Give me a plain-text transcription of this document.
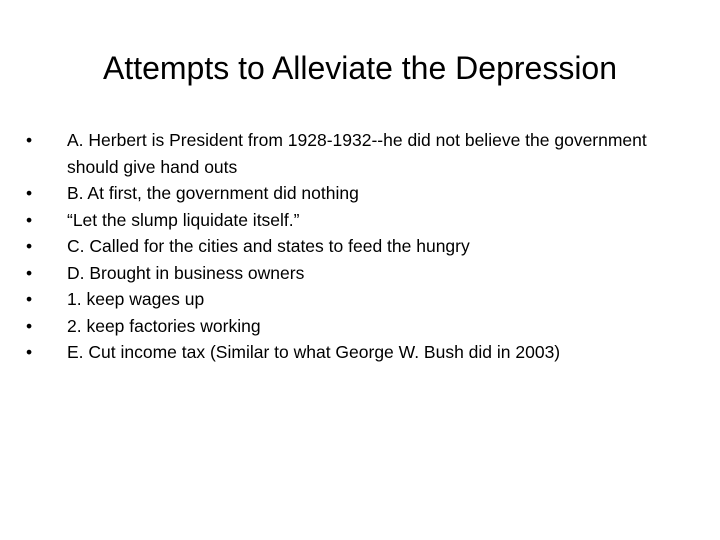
Attempts to Alleviate the Depression
•	A. Herbert is President from 1928-1932--he did not believe the government should give hand outs
•	B. At first, the government did nothing
•	“Let the slump liquidate itself.”
•	C. Called for the cities and states to feed the hungry
•	D. Brought in business owners
•	1. keep wages up
•	2. keep factories working
•	E. Cut income tax (Similar to what George W. Bush did in 2003)
